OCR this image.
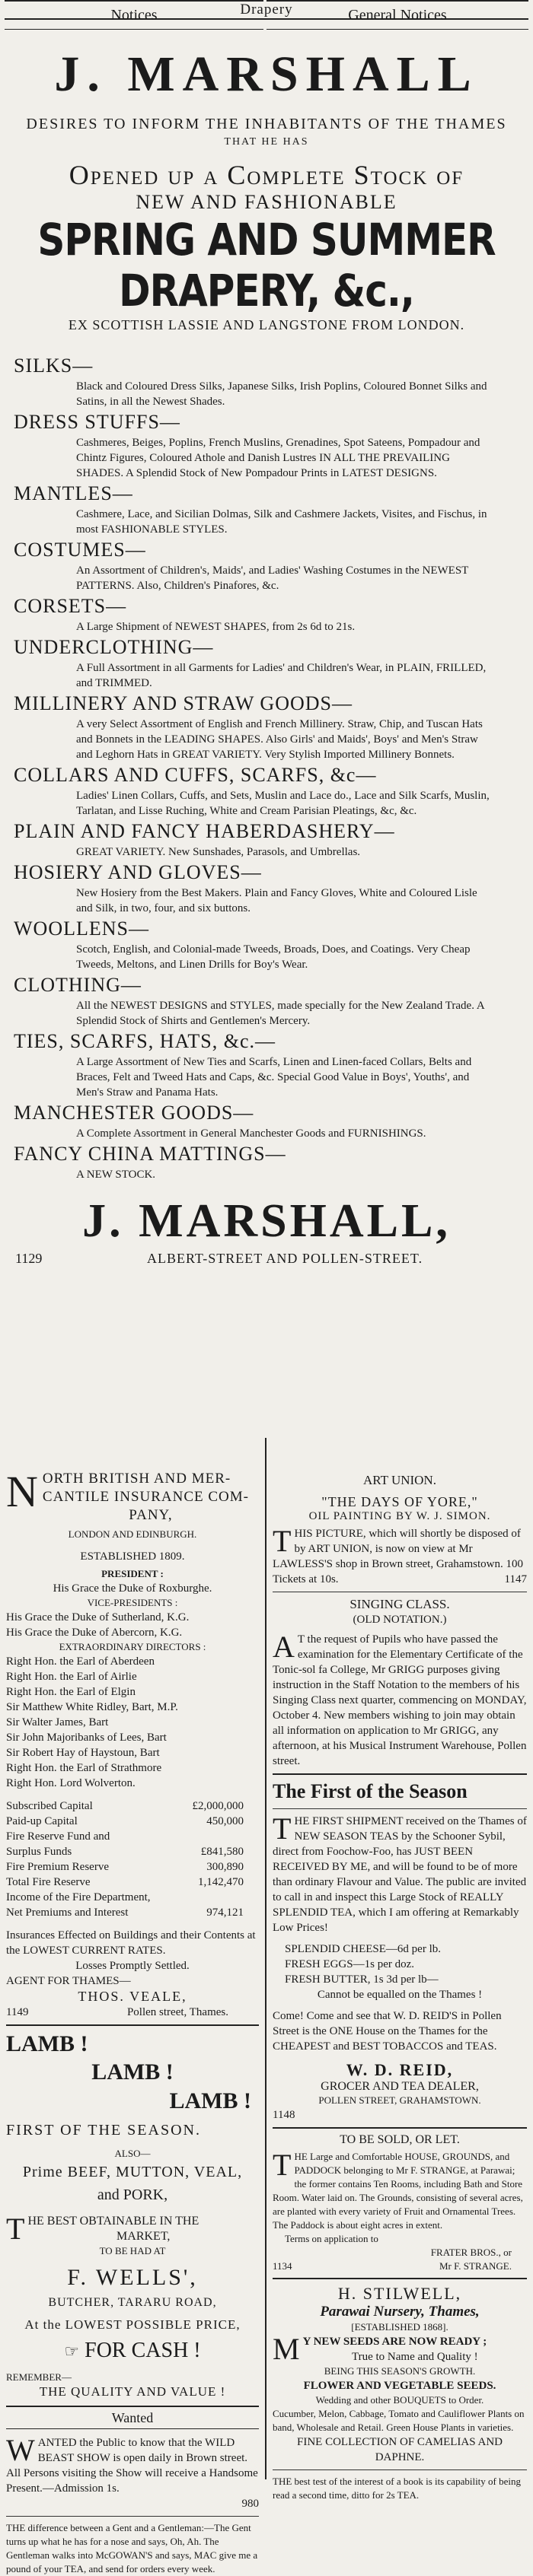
Drapery
J. MARSHALL
DESIRES TO INFORM THE INHABITANTS OF THE THAMES
THAT HE HAS
Opened up a Complete Stock of
NEW AND FASHIONABLE
SPRING AND SUMMER DRAPERY, &c.,
EX SCOTTISH LASSIE AND LANGSTONE FROM LONDON.
SILKS—
Black and Coloured Dress Silks, Japanese Silks, Irish Poplins, Coloured Bonnet Silks and Satins, in all the Newest Shades.
DRESS STUFFS—
Cashmeres, Beiges, Poplins, French Muslins, Grenadines, Spot Sateens, Pompadour and Chintz Figures, Coloured Athole and Danish Lustres IN ALL THE PREVAILING SHADES. A Splendid Stock of New Pompadour Prints in LATEST DESIGNS.
MANTLES—
Cashmere, Lace, and Sicilian Dolmas, Silk and Cashmere Jackets, Visites, and Fischus, in most FASHIONABLE STYLES.
COSTUMES—
An Assortment of Children's, Maids', and Ladies' Washing Costumes in the NEWEST PATTERNS. Also, Children's Pinafores, &c.
CORSETS—
A Large Shipment of NEWEST SHAPES, from 2s 6d to 21s.
UNDERCLOTHING—
A Full Assortment in all Garments for Ladies' and Children's Wear, in PLAIN, FRILLED, and TRIMMED.
MILLINERY AND STRAW GOODS—
A very Select Assortment of English and French Millinery. Straw, Chip, and Tuscan Hats and Bonnets in the LEADING SHAPES. Also Girls' and Maids', Boys' and Men's Straw and Leghorn Hats in GREAT VARIETY. Very Stylish Imported Millinery Bonnets.
COLLARS AND CUFFS, SCARFS, &c—
Ladies' Linen Collars, Cuffs, and Sets, Muslin and Lace do., Lace and Silk Scarfs, Muslin, Tarlatan, and Lisse Ruching, White and Cream Parisian Pleatings, &c, &c.
PLAIN AND FANCY HABERDASHERY—
GREAT VARIETY. New Sunshades, Parasols, and Umbrellas.
HOSIERY AND GLOVES—
New Hosiery from the Best Makers. Plain and Fancy Gloves, White and Coloured Lisle and Silk, in two, four, and six buttons.
WOOLLENS—
Scotch, English, and Colonial-made Tweeds, Broads, Does, and Coatings. Very Cheap Tweeds, Meltons, and Linen Drills for Boy's Wear.
CLOTHING—
All the NEWEST DESIGNS and STYLES, made specially for the New Zealand Trade. A Splendid Stock of Shirts and Gentlemen's Mercery.
TIES, SCARFS, HATS, &c.—
A Large Assortment of New Ties and Scarfs, Linen and Linen-faced Collars, Belts and Braces, Felt and Tweed Hats and Caps, &c. Special Good Value in Boys', Youths', and Men's Straw and Panama Hats.
MANCHESTER GOODS—
A Complete Assortment in General Manchester Goods and FURNISHINGS.
FANCY CHINA MATTINGS—
A NEW STOCK.
J. MARSHALL,
1129	ALBERT-STREET AND POLLEN-STREET.
Notices	General Notices
N ORTH BRITISH AND MER-
CANTILE INSURANCE COM-
PANY,
LONDON AND EDINBURGH.
ESTABLISHED 1809.
PRESIDENT :
His Grace the Duke of Roxburghe.
VICE-PRESIDENTS :
His Grace the Duke of Sutherland, K.G.
His Grace the Duke of Abercorn, K.G.
EXTRAORDINARY DIRECTORS :
Right Hon. the Earl of Aberdeen
Right Hon. the Earl of Airlie
Right Hon. the Earl of Elgin
Sir Matthew White Ridley, Bart, M.P.
Sir Walter James, Bart
Sir John Majoribanks of Lees, Bart
Sir Robert Hay of Haystoun, Bart
Right Hon. the Earl of Strathmore
Right Hon. Lord Wolverton.
Subscribed Capital	£2,000,000
Paid-up Capital	450,000
Fire Reserve Fund and
Surplus Funds	£841,580
Fire Premium Reserve	300,890
Total Fire Reserve	1,142,470
Income of the Fire Department,
Net Premiums and Interest	974,121
Insurances Effected on Buildings and their Contents at the LOWEST CURRENT RATES.
Losses Promptly Settled.
AGENT FOR THAMES—
THOS. VEALE,
1149	Pollen street, Thames.
LAMB !
LAMB !
LAMB !
FIRST OF THE SEASON.
ALSO—
Prime BEEF, MUTTON, VEAL,
and PORK,
T HE BEST OBTAINABLE IN THE
MARKET,
TO BE HAD AT
F. WELLS',
BUTCHER, TARARU ROAD,
At the LOWEST POSSIBLE PRICE,
☞ FOR CASH !
REMEMBER—
THE QUALITY AND VALUE !
Wanted
W ANTED the Public to know that the WILD BEAST SHOW is open daily in Brown street. All Persons visiting the Show will receive a Handsome Present.—Admission 1s.
980
THE difference between a Gent and a Gentleman:—The Gent turns up what he has for a nose and says, Oh, Ah. The Gentleman walks into McGOWAN'S and says, MAC give me a pound of your TEA, and send for orders every week.
ART UNION.
"THE DAYS OF YORE,"
OIL PAINTING BY W. J. SIMON.
T HIS PICTURE, which will shortly be disposed of by ART UNION, is now on view at Mr LAWLESS'S shop in Brown street, Grahamstown. 100 Tickets at 10s.	1147
SINGING CLASS.
(OLD NOTATION.)
A T the request of Pupils who have passed the examination for the Elementary Certificate of the Tonic-sol fa College, Mr GRIGG purposes giving instruction in the Staff Notation to the members of his Singing Class next quarter, commencing on MONDAY, October 4. New members wishing to join may obtain all information on application to Mr GRIGG, any afternoon, at his Musical Instrument Warehouse, Pollen street.
The First of the Season
T HE FIRST SHIPMENT received on the Thames of NEW SEASON TEAS by the Schooner Sybil, direct from Foochow-Foo, has JUST BEEN RECEIVED BY ME, and will be found to be of more than ordinary Flavour and Value. The public are invited to call in and inspect this Large Stock of REALLY SPLENDID TEA, which I am offering at Remarkably Low Prices!
SPLENDID CHEESE—6d per lb.
FRESH EGGS—1s per doz.
FRESH BUTTER, 1s 3d per lb—
Cannot be equalled on the Thames !
Come! Come and see that W. D. REID'S in Pollen Street is the ONE House on the Thames for the CHEAPEST and BEST TOBACCOS and TEAS.
W. D. REID,
GROCER AND TEA DEALER,
POLLEN STREET, GRAHAMSTOWN.
1148
TO BE SOLD, OR LET.
T HE Large and Comfortable HOUSE, GROUNDS, and PADDOCK belonging to Mr F. STRANGE, at Parawai; the former contains Ten Rooms, including Bath and Store Room. Water laid on. The Grounds, consisting of several acres, are planted with every variety of Fruit and Ornamental Trees. The Paddock is about eight acres in extent.
Terms on application to
FRATER BROS., or
1134	Mr F. STRANGE.
H. STILWELL,
Parawai Nursery, Thames,
[ESTABLISHED 1868].
M Y NEW SEEDS ARE NOW READY ;
True to Name and Quality !
BEING THIS SEASON'S GROWTH.
FLOWER AND VEGETABLE SEEDS.
Wedding and other BOUQUETS to Order.
Cucumber, Melon, Cabbage, Tomato and Cauliflower Plants on band, Wholesale and Retail. Green House Plants in varieties.
FINE COLLECTION OF CAMELIAS AND DAPHNE.
THE best test of the interest of a book is its capability of being read a second time, ditto for 2s TEA.
